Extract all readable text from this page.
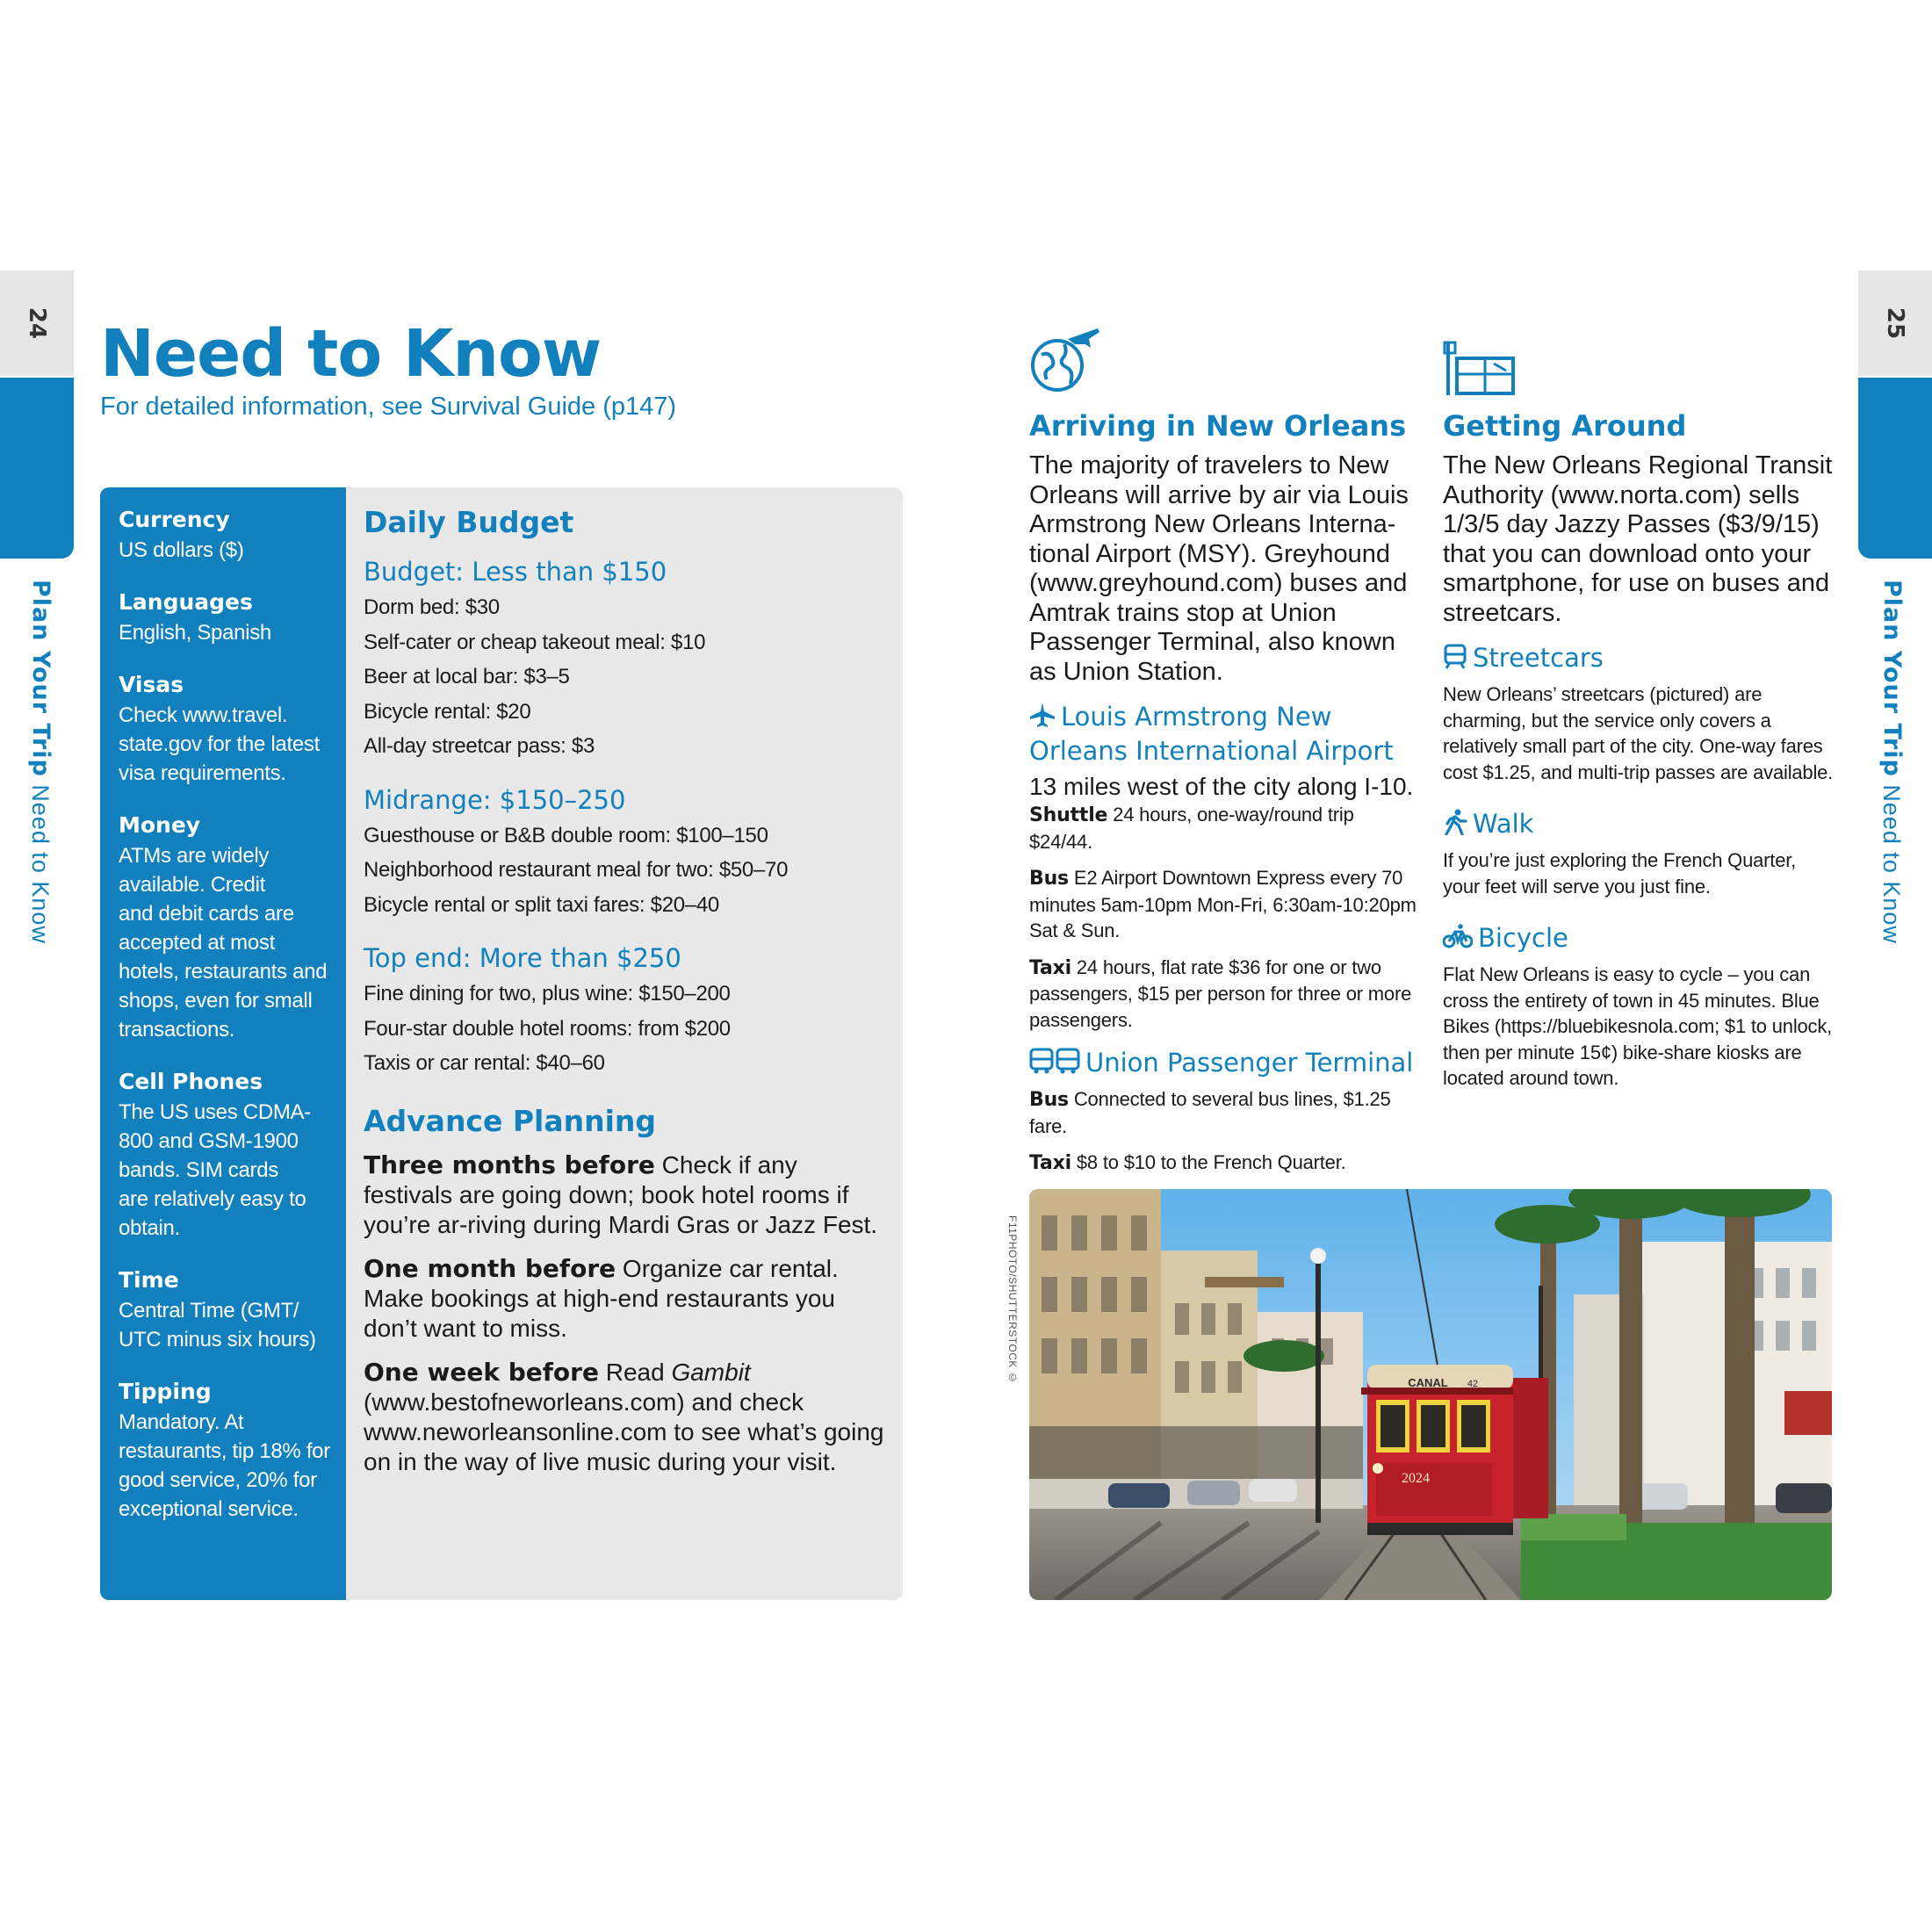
24
Plan Your Trip Need to Know
25
Plan Your Trip Need to Know
Need to Know
For detailed information, see Survival Guide (p147)
Currency
US dollars ($)
Languages
English, Spanish
Visas
Check www.travel.
state.gov for the latest
visa requirements.
Money
ATMs are widely
available. Credit
and debit cards are
accepted at most
hotels, restaurants and
shops, even for small
transactions.
Cell Phones
The US uses CDMA-
800 and GSM-1900
bands. SIM cards
are relatively easy to
obtain.
Time
Central Time (GMT/
UTC minus six hours)
Tipping
Mandatory. At
restaurants, tip 18% for
good service, 20% for
exceptional service.
Daily Budget
Budget: Less than $150
Dorm bed: $30
Self-cater or cheap takeout meal: $10
Beer at local bar: $3–5
Bicycle rental: $20
All-day streetcar pass: $3
Midrange: $150–250
Guesthouse or B&B double room: $100–150
Neighborhood restaurant meal for two: $50–70
Bicycle rental or split taxi fares: $20–40
Top end: More than $250
Fine dining for two, plus wine: $150–200
Four-star double hotel rooms: from $200
Taxis or car rental: $40–60
Advance Planning

Three months before Check if any festivals are going down; book hotel rooms if you’re ar-riving during Mardi Gras or Jazz Fest.

One month before Organize car rental. Make bookings at high-end restaurants you don’t want to miss.

One week before Read Gambit (www.bestofneworleans.com) and check www.neworleansonline.com to see what’s going on in the way of live music during your visit.

Arriving in New Orleans

The majority of travelers to New Orleans will arrive by air via Louis Armstrong New Orleans Interna-tional Airport (MSY). Greyhound (www.greyhound.com) buses and Amtrak trains stop at Union Passenger Terminal, also known as Union Station.

Louis Armstrong New Orleans International Airport

13 miles west of the city along I-10.

Shuttle 24 hours, one-way/round trip $24/44.

Bus E2 Airport Downtown Express every 70 minutes 5am-10pm Mon-Fri, 6:30am-10:20pm Sat & Sun.

Taxi 24 hours, flat rate $36 for one or two passengers, $15 per person for three or more passengers.

Union Passenger Terminal

Bus Connected to several bus lines, $1.25 fare.

Taxi $8 to $10 to the French Quarter.

Getting Around

The New Orleans Regional Transit Authority (www.norta.com) sells 1/3/5 day Jazzy Passes ($3/9/15) that you can download onto your smartphone, for use on buses and streetcars.

Streetcars

New Orleans’ streetcars (pictured) are charming, but the service only covers a relatively small part of the city. One-way fares cost $1.25, and multi-trip passes are available.

Walk

If you’re just exploring the French Quarter, your feet will serve you just fine.

Bicycle

Flat New Orleans is easy to cycle – you can cross the entirety of town in 45 minutes. Blue Bikes (https://bluebikesnola.com; $1 to unlock, then per minute 15¢) bike-share kiosks are located around town.

F11PHOTO/SHUTTERSTOCK ©	CANAL 42
2024
